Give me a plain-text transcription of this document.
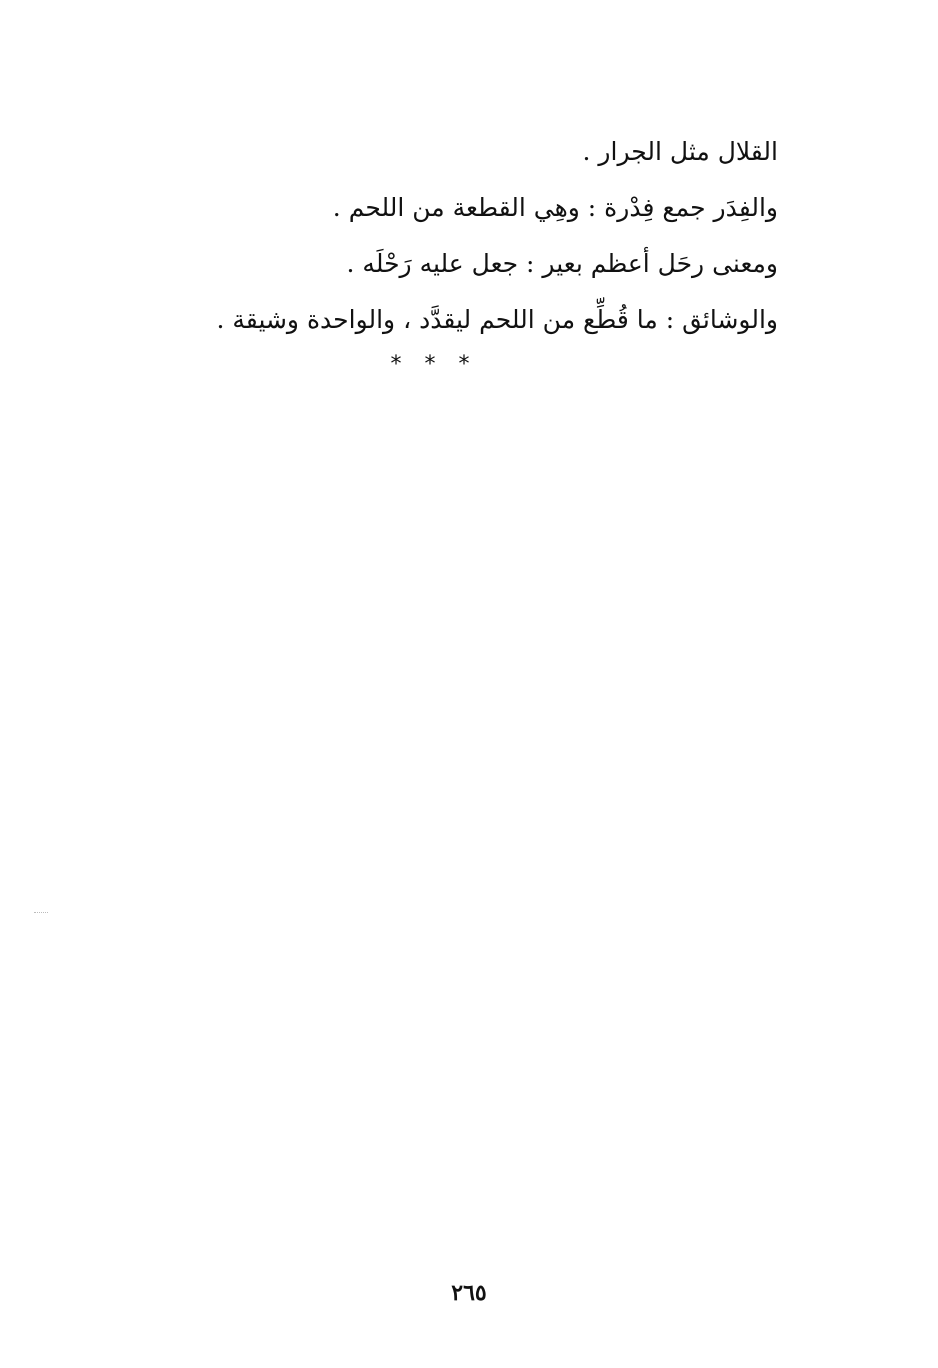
القلال مثل الجرار .
والفِدَر جمع فِدْرة : وهِي القطعة من اللحم .
ومعنى رحَل أعظم بعير : جعل عليه رَحْلَه .
والوشائق : ما قُطِّع من اللحم ليقدَّد ، والواحدة وشيقة .
* * *
٢٦٥
